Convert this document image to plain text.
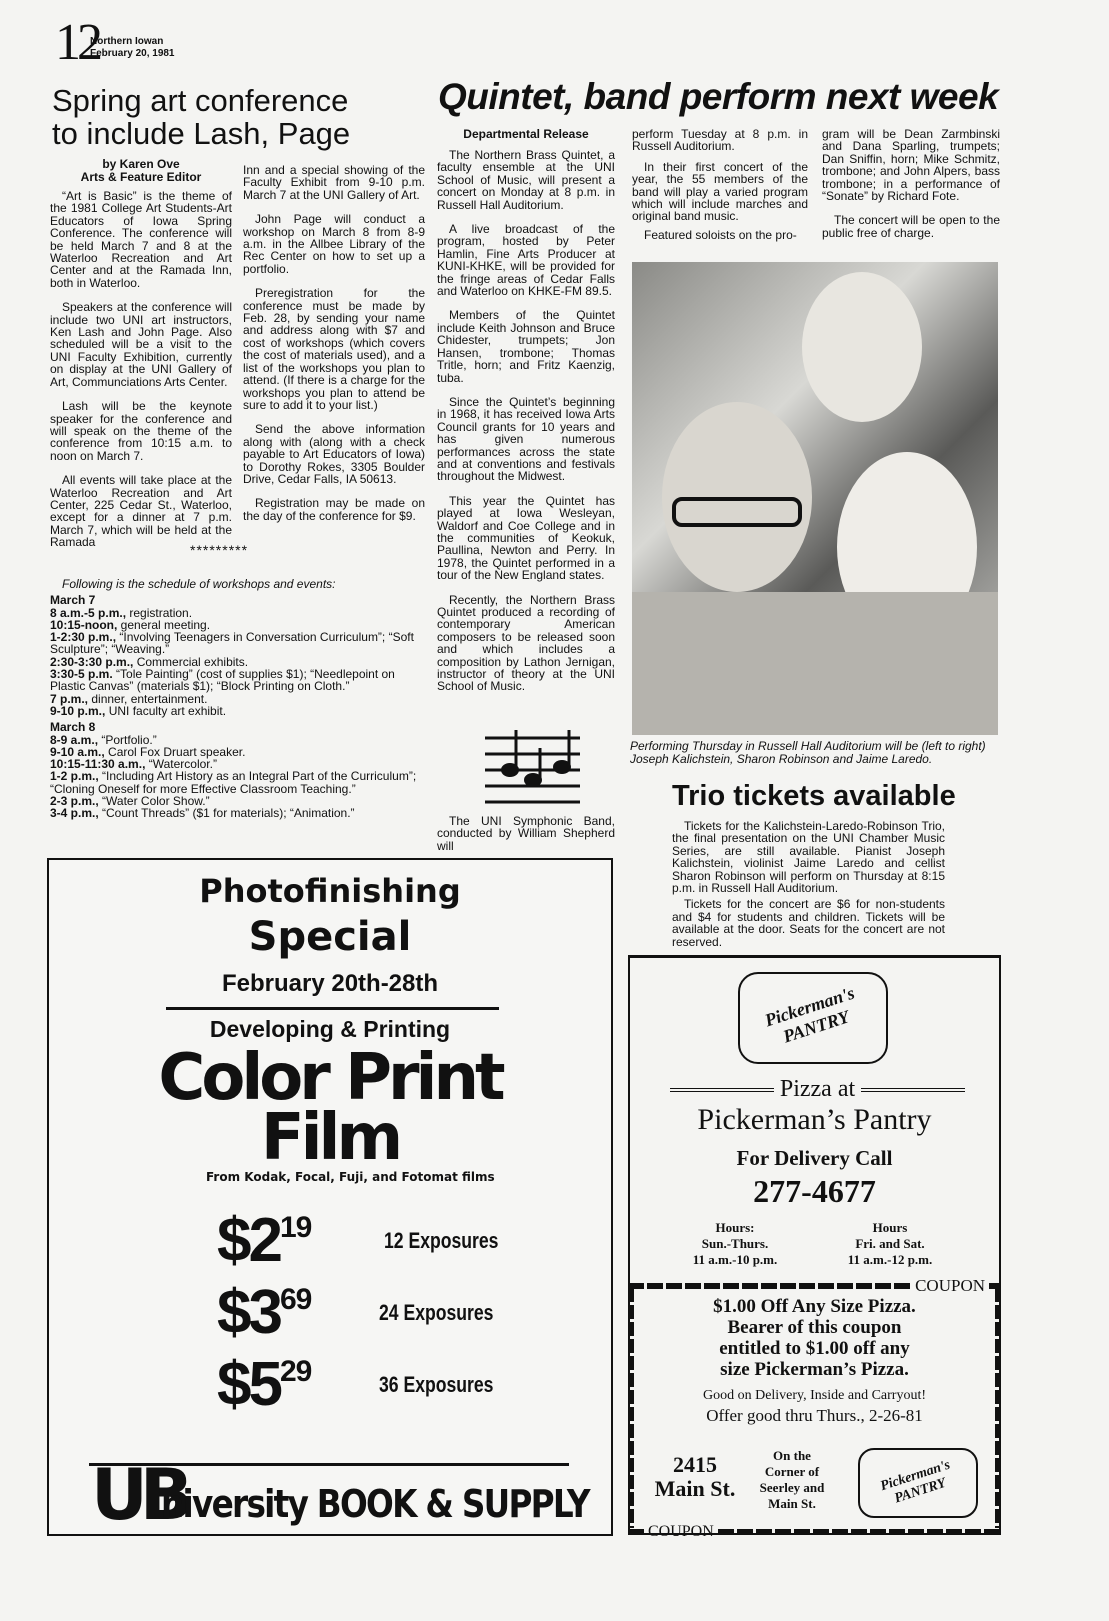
12
Northern Iowan
February 20, 1981
Spring art conference
to include Lash, Page
by Karen Ove
Arts & Feature Editor

“Art is Basic” is the theme of the 1981 College Art Students-Art Educators of Iowa Spring Conference. The conference will be held March 7 and 8 at the Waterloo Recreation and Art Center and at the Ramada Inn, both in Waterloo.

Speakers at the conference will include two UNI art instructors, Ken Lash and John Page. Also scheduled will be a visit to the UNI Faculty Exhibition, currently on display at the UNI Gallery of Art, Communciations Arts Center.

Lash will be the keynote speaker for the conference and will speak on the theme of the conference from 10:15 a.m. to noon on March 7.

All events will take place at the Waterloo Recreation and Art Center, 225 Cedar St., Waterloo, except for a dinner at 7 p.m. March 7, which will be held at the Ramada

Inn and a special showing of the Faculty Exhibit from 9-10 p.m. March 7 at the UNI Gallery of Art.

John Page will conduct a workshop on March 8 from 8-9 a.m. in the Allbee Library of the Rec Center on how to set up a portfolio.

Preregistration for the conference must be made by Feb. 28, by sending your name and address along with $7 and cost of workshops (which covers the cost of materials used), and a list of the workshops you plan to attend. (If there is a charge for the workshops you plan to attend be sure to add it to your list.)

Send the above information along with (along with a check payable to Art Educators of Iowa) to Dorothy Rokes, 3305 Boulder Drive, Cedar Falls, IA 50613.

Registration may be made on the day of the conference for $9.

*********
Following is the schedule of workshops and events:
March 7
8 a.m.-5 p.m., registration.
10:15-noon, general meeting.
1-2:30 p.m., “Involving Teenagers in Conversation Curriculum”; “Soft Sculpture”; “Weaving.”
2:30-3:30 p.m., Commercial exhibits.
3:30-5 p.m. “Tole Painting” (cost of supplies $1); “Needlepoint on Plastic Canvas” (materials $1); “Block Printing on Cloth.”
7 p.m., dinner, entertainment.
9-10 p.m., UNI faculty art exhibit.
March 8
8-9 a.m., “Portfolio.”
9-10 a.m., Carol Fox Druart speaker.
10:15-11:30 a.m., “Watercolor.”
1-2 p.m., “Including Art History as an Integral Part of the Curriculum”; “Cloning Oneself for more Effective Classroom Teaching.”
2-3 p.m., “Water Color Show.”
3-4 p.m., “Count Threads” ($1 for materials); “Animation.”
Quintet, band perform next week
Departmental Release

The Northern Brass Quintet, a faculty ensemble at the UNI School of Music, will present a concert on Monday at 8 p.m. in Russell Hall Auditorium.

A live broadcast of the program, hosted by Peter Hamlin, Fine Arts Producer at KUNI-KHKE, will be provided for the fringe areas of Cedar Falls and Waterloo on KHKE-FM 89.5.

Members of the Quintet include Keith Johnson and Bruce Chidester, trumpets; Jon Hansen, trombone; Thomas Tritle, horn; and Fritz Kaenzig, tuba.

Since the Quintet’s beginning in 1968, it has received Iowa Arts Council grants for 10 years and has given numerous performances across the state and at conventions and festivals throughout the Midwest.

This year the Quintet has played at Iowa Wesleyan, Waldorf and Coe College and in the communities of Keokuk, Paullina, Newton and Perry. In 1978, the Quintet performed in a tour of the New England states.

Recently, the Northern Brass Quintet produced a recording of contemporary American composers to be released soon and which includes a composition by Lathon Jernigan, instructor of theory at the UNI School of Music.

The UNI Symphonic Band, conducted by William Shepherd will

perform Tuesday at 8 p.m. in Russell Auditorium.

In their first concert of the year, the 55 members of the band will play a varied program which will include marches and original band music.

Featured soloists on the pro-

gram will be Dean Zarmbinski and Dana Sparling, trumpets; Dan Sniffin, horn; Mike Schmitz, trombone; and John Alpers, bass trombone; in a performance of “Sonate” by Richard Fote.

The concert will be open to the public free of charge.

Performing Thursday in Russell Hall Auditorium will be (left to right) Joseph Kalichstein, Sharon Robinson and Jaime Laredo.
Trio tickets available

Tickets for the Kalichstein-Laredo-Robinson Trio, the final presentation on the UNI Chamber Music Series, are still available. Pianist Joseph Kalichstein, violinist Jaime Laredo and cellist Sharon Robinson will perform on Thursday at 8:15 p.m. in Russell Hall Auditorium.

Tickets for the concert are $6 for non-students and $4 for students and children. Tickets will be available at the door. Seats for the concert are not reserved.

Photofinishing
Special
February 20th-28th
Developing & Printing
Color Print
Film
From Kodak, Focal, Fuji, and Fotomat films
$\$2^{19}$	12 Exposures
$\$3^{69}$	24 Exposures
$\$5^{29}$	36 Exposures
UB
niversity BOOK & SUPPLY
Pickerman's PANTRY
Pizza at
Pickerman’s Pantry
For Delivery Call
277-4677
Hours:
Sun.-Thurs.
11 a.m.-10 p.m.
Hours
Fri. and Sat.
11 a.m.-12 p.m.
COUPON
$1.00 Off Any Size Pizza.
Bearer of this coupon
entitled to $1.00 off any
size Pickerman’s Pizza.
Good on Delivery, Inside and Carryout!
Offer good thru Thurs., 2-26-81
2415
Main St.
On the
Corner of
Seerley and
Main St.
Pickerman's PANTRY
COUPON
